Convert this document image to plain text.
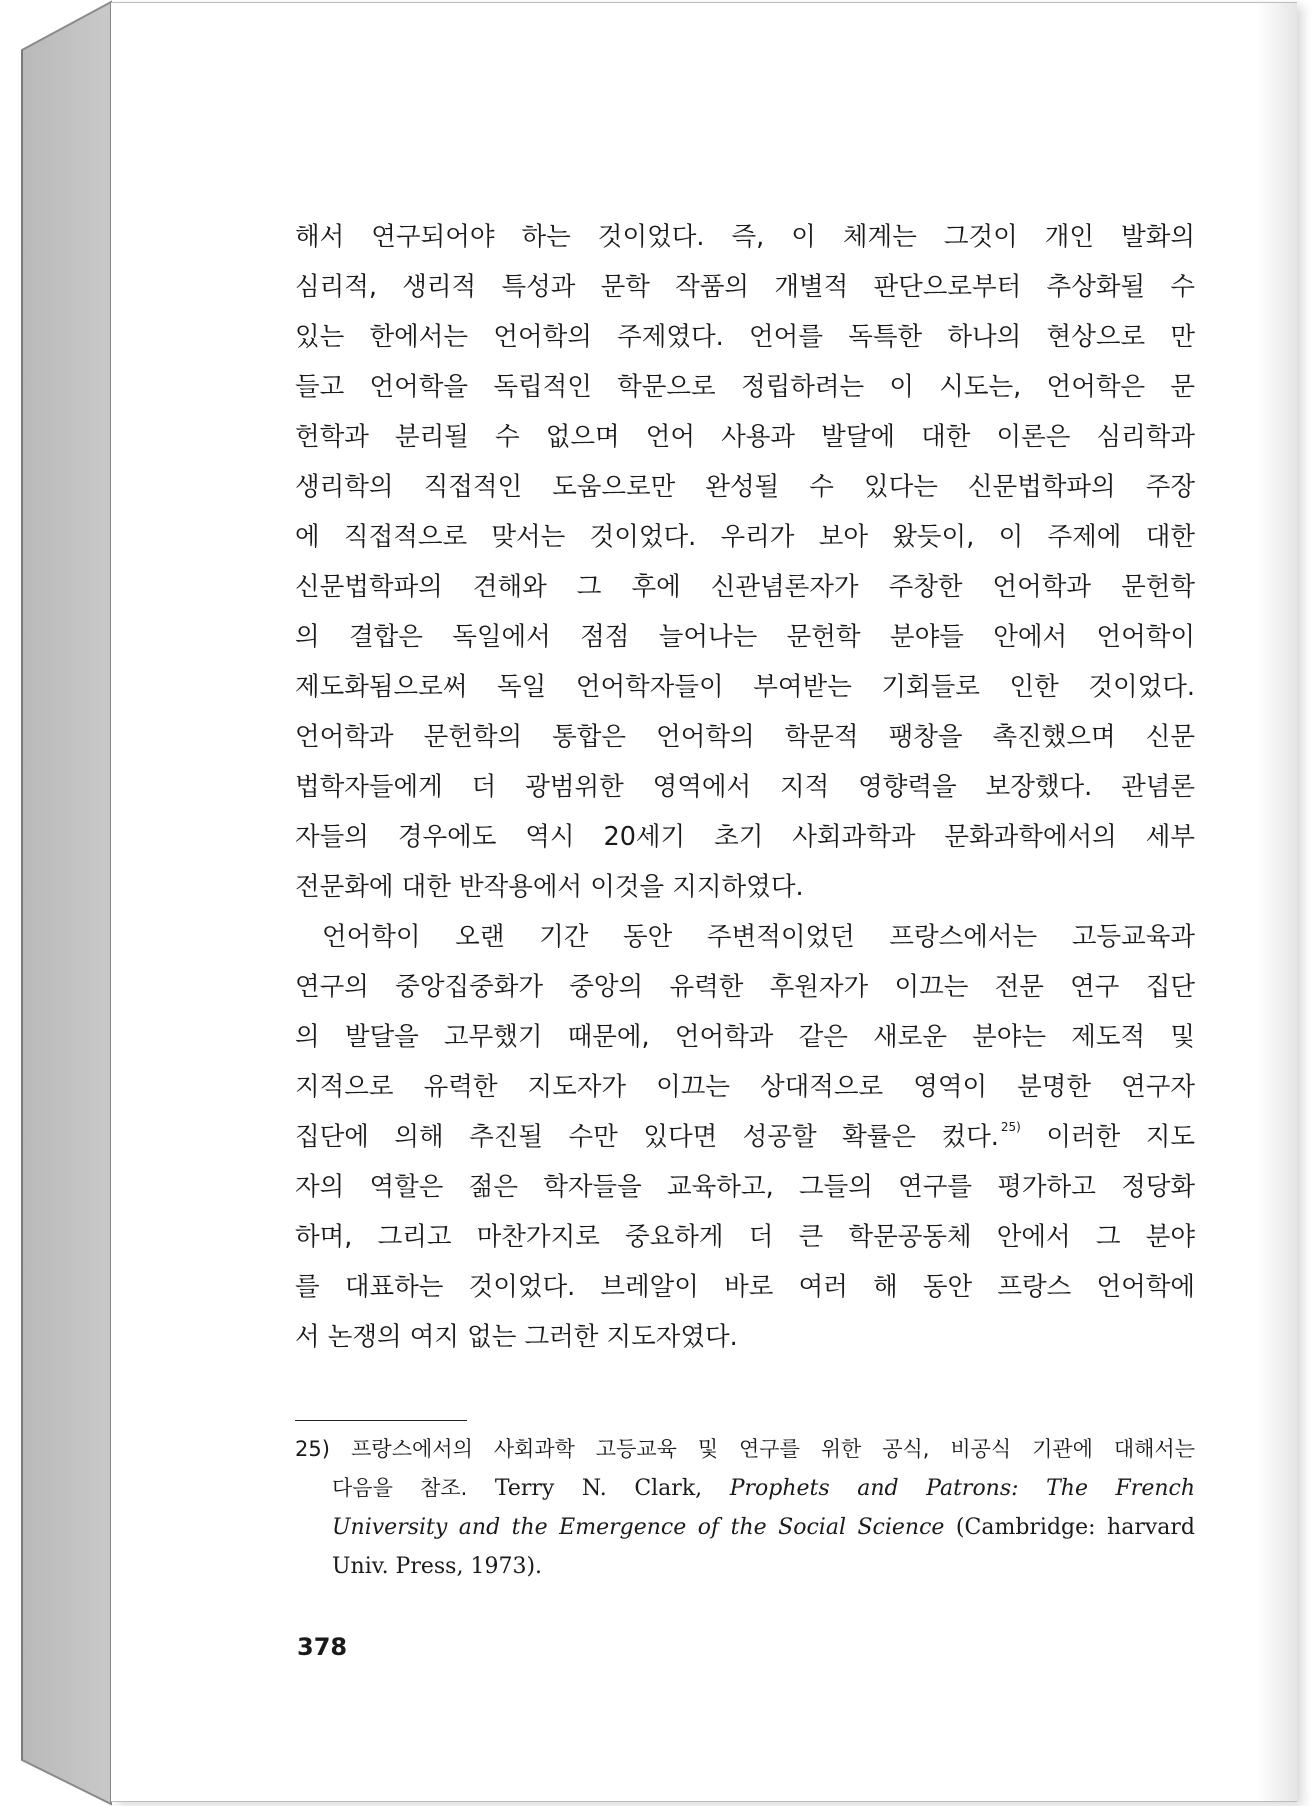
해서 연구되어야 하는 것이었다. 즉, 이 체계는 그것이 개인 발화의
심리적, 생리적 특성과 문학 작품의 개별적 판단으로부터 추상화될 수
있는 한에서는 언어학의 주제였다. 언어를 독특한 하나의 현상으로 만
들고 언어학을 독립적인 학문으로 정립하려는 이 시도는, 언어학은 문
헌학과 분리될 수 없으며 언어 사용과 발달에 대한 이론은 심리학과
생리학의 직접적인 도움으로만 완성될 수 있다는 신문법학파의 주장
에 직접적으로 맞서는 것이었다. 우리가 보아 왔듯이, 이 주제에 대한
신문법학파의 견해와 그 후에 신관념론자가 주창한 언어학과 문헌학
의 결합은 독일에서 점점 늘어나는 문헌학 분야들 안에서 언어학이
제도화됨으로써 독일 언어학자들이 부여받는 기회들로 인한 것이었다.
언어학과 문헌학의 통합은 언어학의 학문적 팽창을 촉진했으며 신문
법학자들에게 더 광범위한 영역에서 지적 영향력을 보장했다. 관념론
자들의 경우에도 역시 20세기 초기 사회과학과 문화과학에서의 세부
전문화에 대한 반작용에서 이것을 지지하였다.
언어학이 오랜 기간 동안 주변적이었던 프랑스에서는 고등교육과
연구의 중앙집중화가 중앙의 유력한 후원자가 이끄는 전문 연구 집단
의 발달을 고무했기 때문에, 언어학과 같은 새로운 분야는 제도적 및
지적으로 유력한 지도자가 이끄는 상대적으로 영역이 분명한 연구자
집단에 의해 추진될 수만 있다면 성공할 확률은 컸다. $^{25)}$ 이러한 지도
자의 역할은 젊은 학자들을 교육하고, 그들의 연구를 평가하고 정당화
하며, 그리고 마찬가지로 중요하게 더 큰 학문공동체 안에서 그 분야
를 대표하는 것이었다. 브레알이 바로 여러 해 동안 프랑스 언어학에
서 논쟁의 여지 없는 그러한 지도자였다.
25) 프랑스에서의 사회과학 고등교육 및 연구를 위한 공식, 비공식 기관에 대해서는
다음을 참조. Terry N. Clark, Prophets and Patrons: The French
University and the Emergence of the Social Science (Cambridge: harvard
Univ. Press, 1973).
378
